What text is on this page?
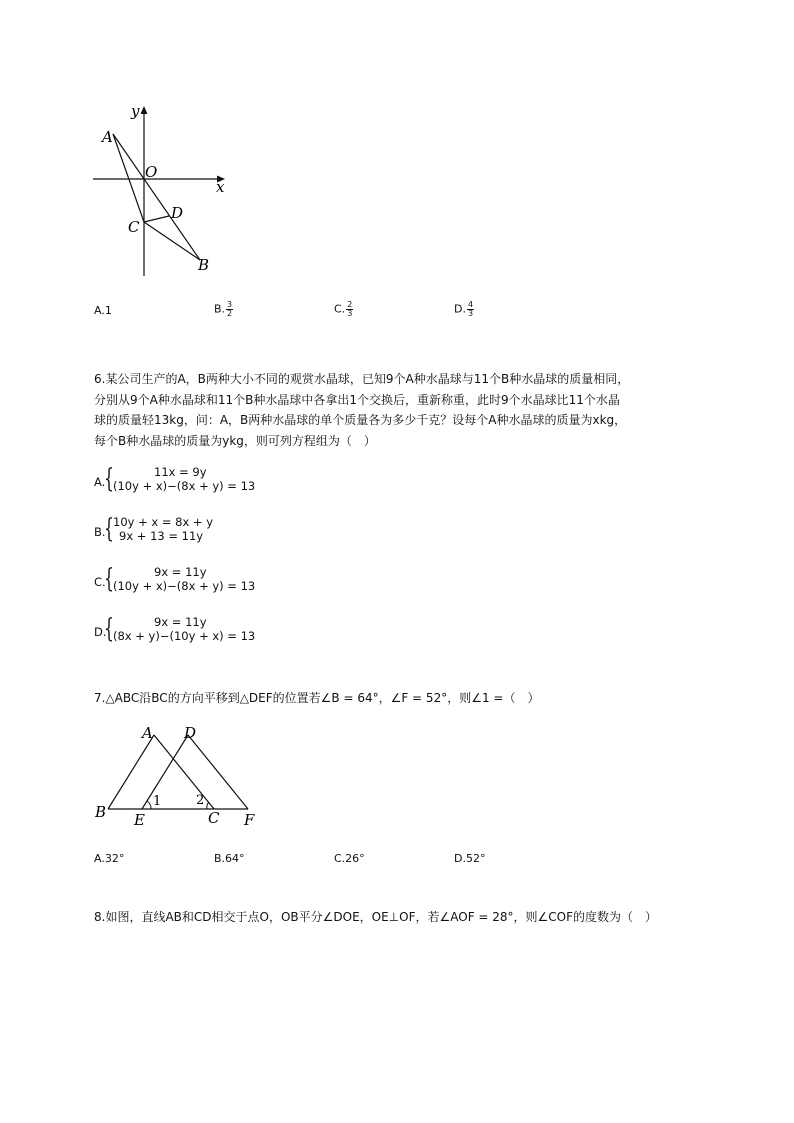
y
x
O
A
C
D
B
A.1	B. $\frac{3}{2}$	C. $\frac{2}{3}$	D. $\frac{4}{3}$
6.某公司生产的A，B两种大小不同的观赏水晶球，已知9个A种水晶球与11个B种水晶球的质量相同，
分别从9个A种水晶球和11个B种水晶球中各拿出1个交换后，重新称重，此时9个水晶球比11个水晶
球的质量轻13kg，问：A，B两种水晶球的单个质量各为多少千克？设每个A种水晶球的质量为xkg，
每个B种水晶球的质量为ykg，则可列方程组为（　）
A.
{	11x = 9y
(10y + x)−(8x + y) = 13
B.
{ 10y + x = 8x + y
9x + 13 = 11y
C.
{	9x = 11y
(10y + x)−(8x + y) = 13
D.
{	9x = 11y
(8x + y)−(10y + x) = 13
7.△ABC沿BC的方向平移到△DEF的位置若∠B = 64°，∠F = 52°，则∠1 =（　）
A D
B E	C F
1	2
A.32°	B.64°	C.26°	D.52°
8.如图，直线AB和CD相交于点O，OB平分∠DOE，OE⊥OF，若∠AOF = 28°，则∠COF的度数为（　）
